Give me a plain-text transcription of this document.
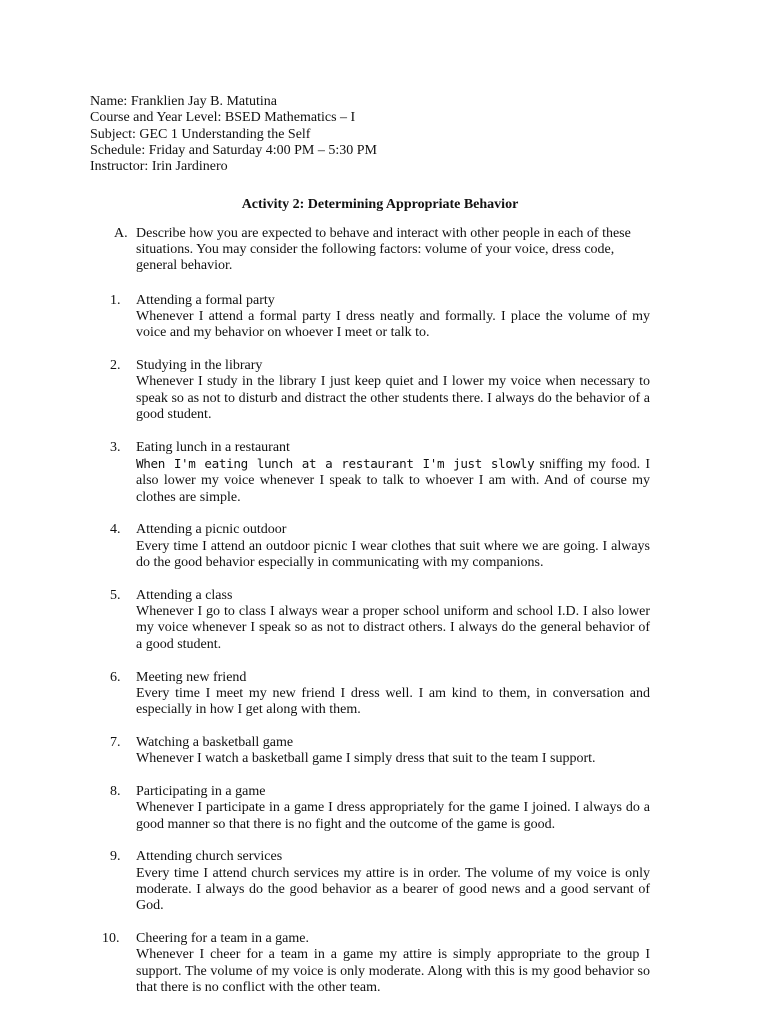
Name: Franklien Jay B. Matutina
Course and Year Level: BSED Mathematics – I
Subject: GEC 1 Understanding the Self
Schedule: Friday and Saturday 4:00 PM – 5:30 PM
Instructor: Irin Jardinero
Activity 2: Determining Appropriate Behavior
A. Describe how you are expected to behave and interact with other people in each of these situations. You may consider the following factors: volume of your voice, dress code, general behavior.
1.	Attending a formal party
Whenever I attend a formal party I dress neatly and formally. I place the volume of my voice and my behavior on whoever I meet or talk to.
2.	Studying in the library
Whenever I study in the library I just keep quiet and I lower my voice when necessary to speak so as not to disturb and distract the other students there. I always do the behavior of a good student.
3.	Eating lunch in a restaurant
When I'm eating lunch at a restaurant I'm just slowly sniffing my food. I also lower my voice whenever I speak to talk to whoever I am with. And of course my clothes are simple.
4.	Attending a picnic outdoor
Every time I attend an outdoor picnic I wear clothes that suit where we are going. I always do the good behavior especially in communicating with my companions.
5.	Attending a class
Whenever I go to class I always wear a proper school uniform and school I.D. I also lower my voice whenever I speak so as not to distract others. I always do the general behavior of a good student.
6.	Meeting new friend
Every time I meet my new friend I dress well. I am kind to them, in conversation and especially in how I get along with them.
7.	Watching a basketball game
Whenever I watch a basketball game I simply dress that suit to the team I support.
8.	Participating in a game
Whenever I participate in a game I dress appropriately for the game I joined. I always do a good manner so that there is no fight and the outcome of the game is good.
9.	Attending church services
Every time I attend church services my attire is in order. The volume of my voice is only moderate. I always do the good behavior as a bearer of good news and a good servant of God.
10.	Cheering for a team in a game.
Whenever I cheer for a team in a game my attire is simply appropriate to the group I support. The volume of my voice is only moderate. Along with this is my good behavior so that there is no conflict with the other team.
